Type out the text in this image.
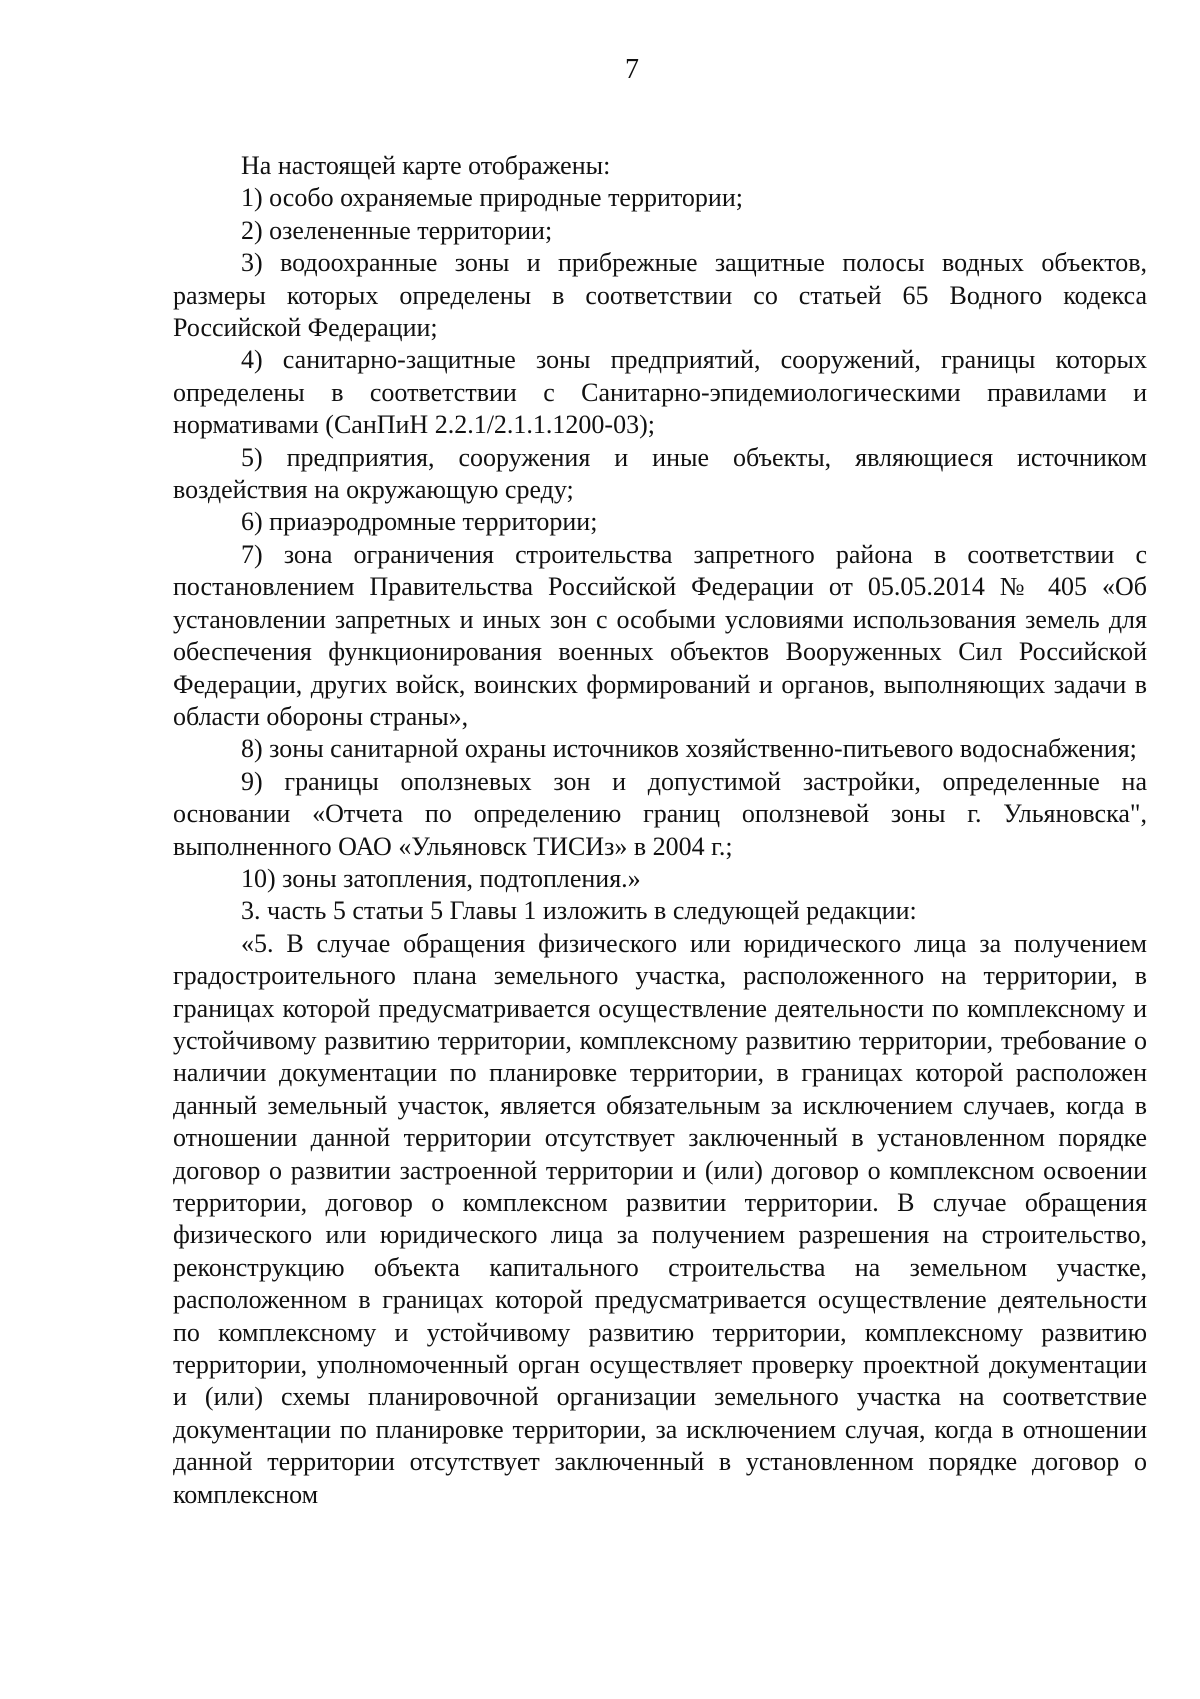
7

На настоящей карте отображены:

1) особо охраняемые природные территории;

2) озелененные территории;

3) водоохранные зоны и прибрежные защитные полосы водных объектов, размеры которых определены в соответствии со статьей 65 Водного кодекса Российской Федерации;

4) санитарно-защитные зоны предприятий, сооружений, границы которых определены в соответствии с Санитарно-эпидемиологическими правилами и нормативами (СанПиН 2.2.1/2.1.1.1200-03);

5) предприятия, сооружения и иные объекты, являющиеся источником воздействия на окружающую среду;

6) приаэродромные территории;

7) зона ограничения строительства запретного района в соответствии с постановлением Правительства Российской Федерации от 05.05.2014 № 405 «Об установлении запретных и иных зон с особыми условиями использования земель для обеспечения функционирования военных объектов Вооруженных Сил Российской Федерации, других войск, воинских формирований и органов, выполняющих задачи в области обороны страны»,

8) зоны санитарной охраны источников хозяйственно-питьевого водоснабжения;

9) границы оползневых зон и допустимой застройки, определенные на основании «Отчета по определению границ оползневой зоны г. Ульяновска", выполненного ОАО «Ульяновск ТИСИз» в 2004 г.;

10) зоны затопления, подтопления.»

3. часть 5 статьи 5 Главы 1 изложить в следующей редакции:

«5. В случае обращения физического или юридического лица за получением градостроительного плана земельного участка, расположенного на территории, в границах которой предусматривается осуществление деятельности по комплексному и устойчивому развитию территории, комплексному развитию территории, требование о наличии документации по планировке территории, в границах которой расположен данный земельный участок, является обязательным за исключением случаев, когда в отношении данной территории отсутствует заключенный в установленном порядке договор о развитии застроенной территории и (или) договор о комплексном освоении территории, договор о комплексном развитии территории. В случае обращения физического или юридического лица за получением разрешения на строительство, реконструкцию объекта капитального строительства на земельном участке, расположенном в границах которой предусматривается осуществление деятельности по комплексному и устойчивому развитию территории, комплексному развитию территории, уполномоченный орган осуществляет проверку проектной документации и (или) схемы планировочной организации земельного участка на соответствие документации по планировке территории, за исключением случая, когда в отношении данной территории отсутствует заключенный в установленном порядке договор о комплексном
